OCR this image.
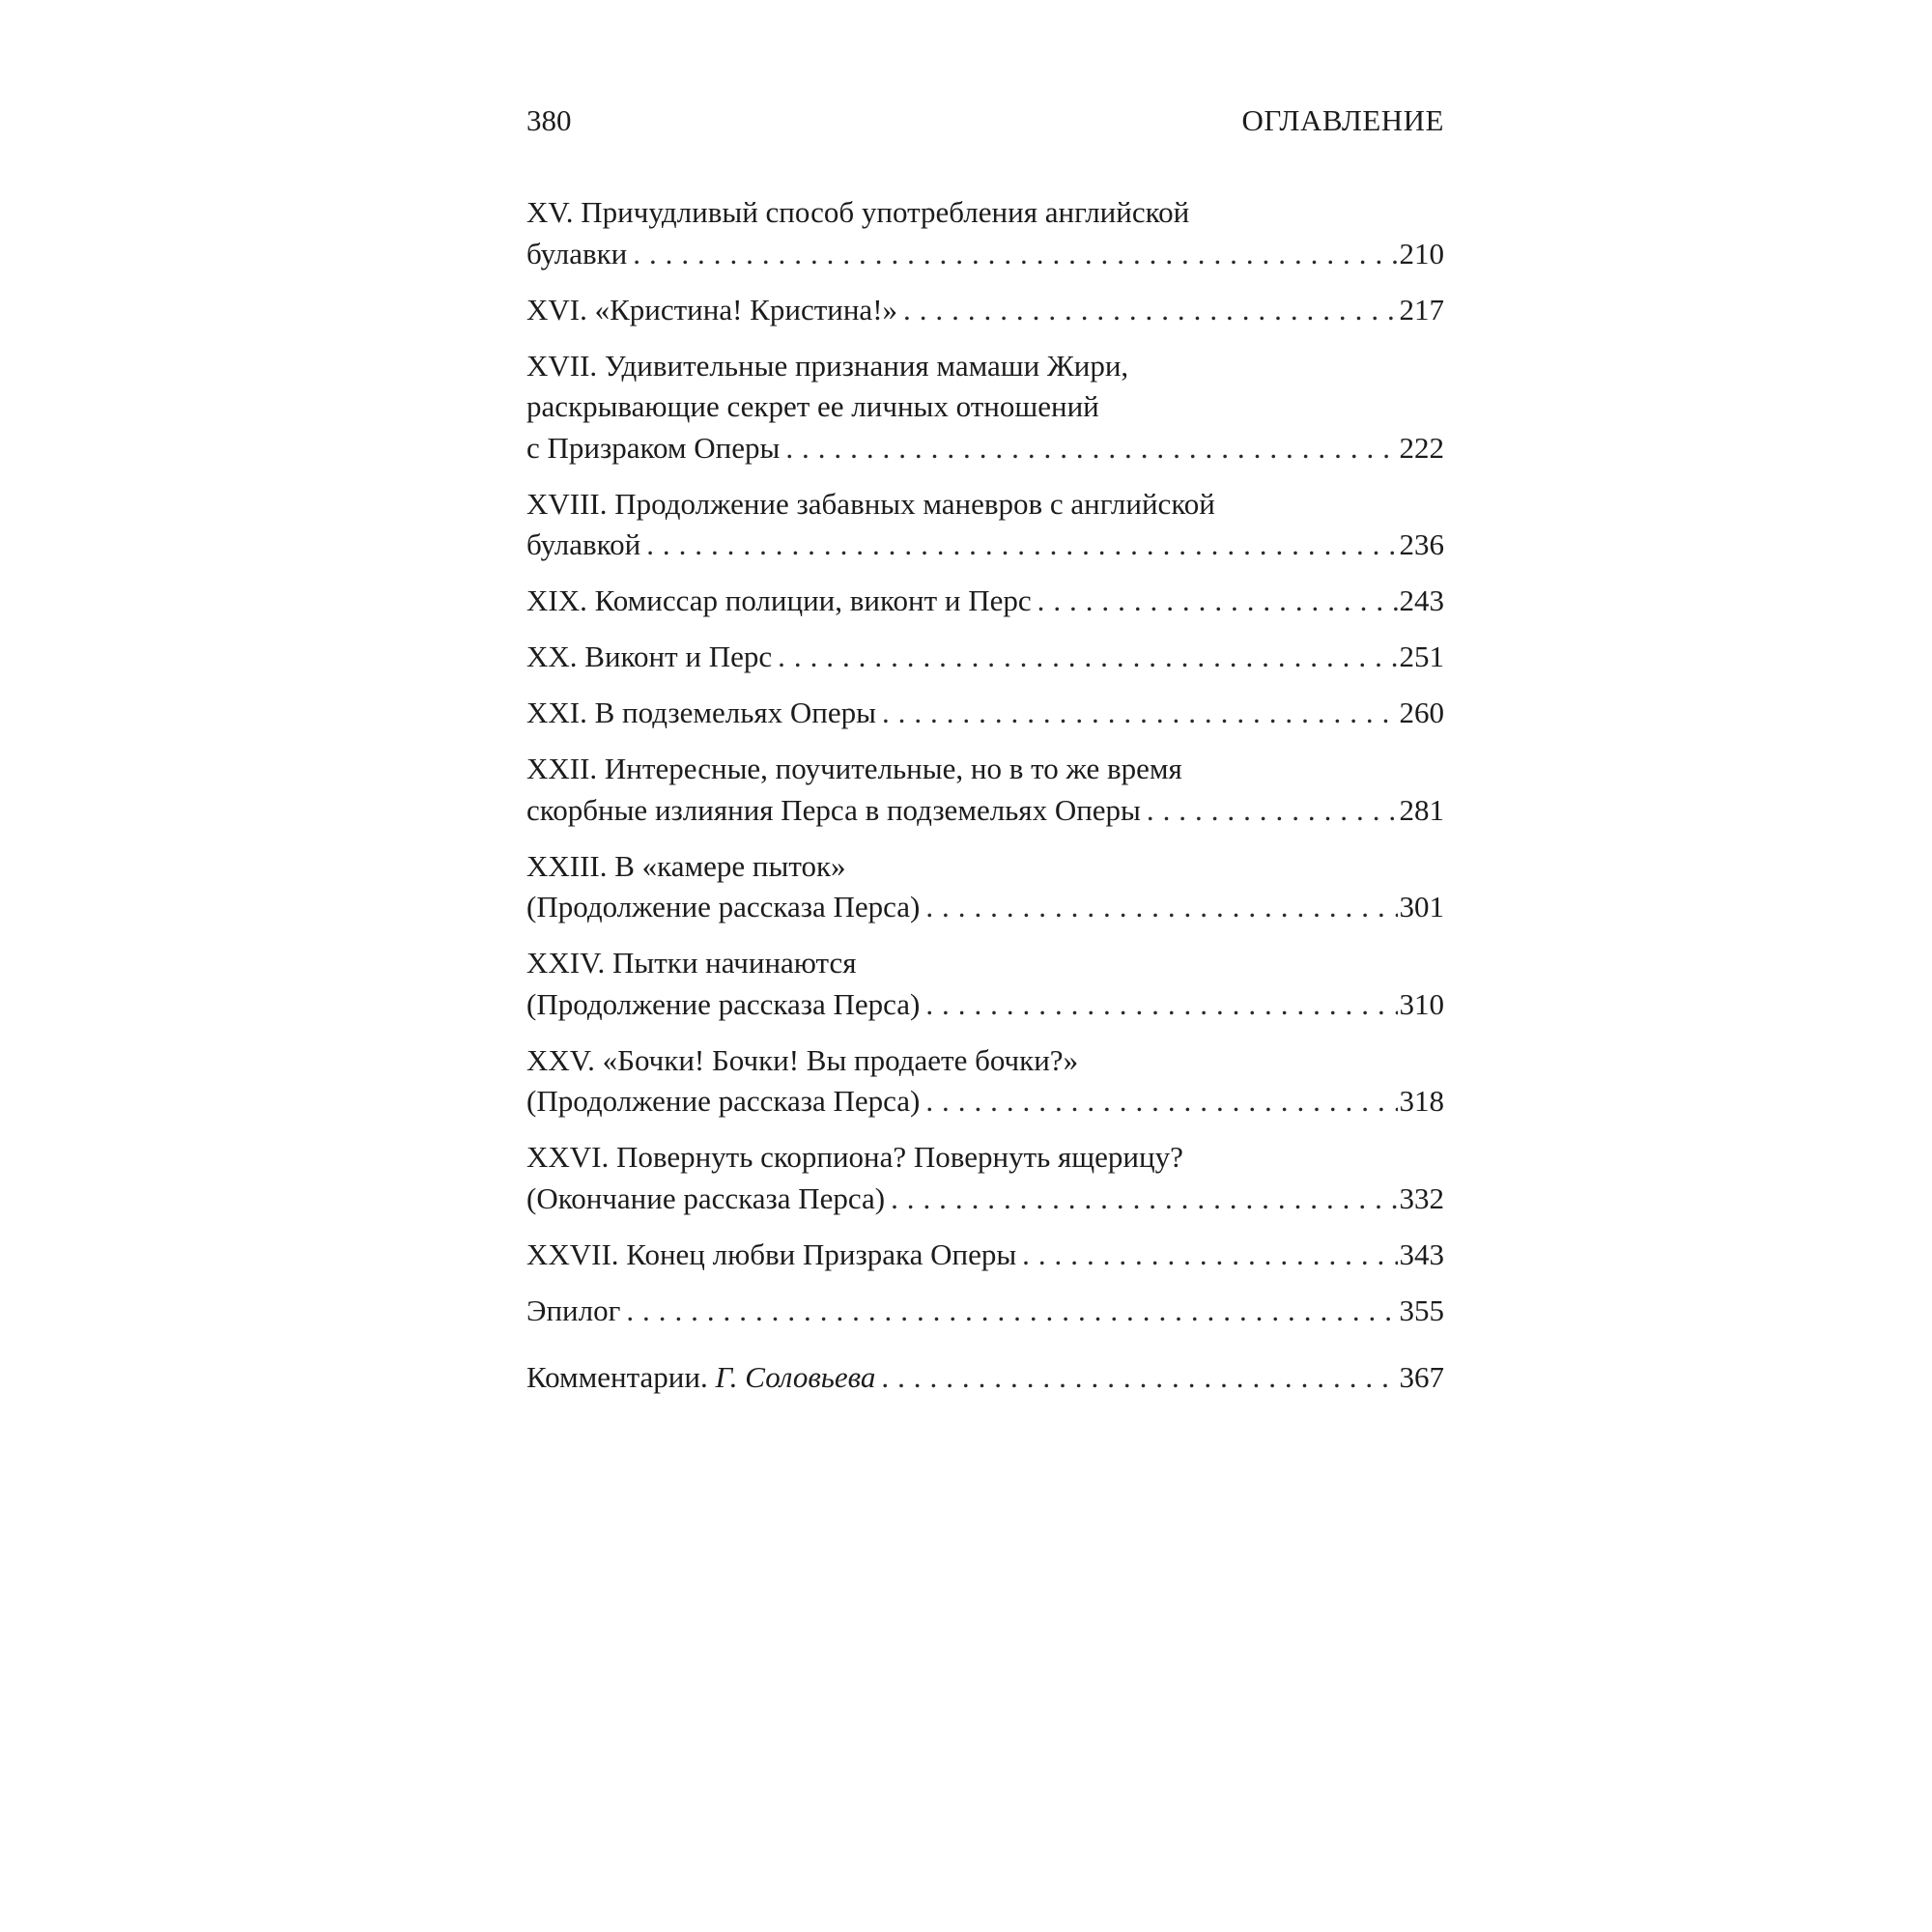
380	ОГЛАВЛЕНИЕ
XV. Причудливый способ употребления английской
булавки . . .	210
XVI. «Кристина! Кристина!» . . .	217
XVII. Удивительные признания мамаши Жири,
раскрывающие секрет ее личных отношений
с Призраком Оперы . . .	222
XVIII. Продолжение забавных маневров с английской
булавкой . . .	236
XIX. Комиссар полиции, виконт и Перс . . .	243
XX. Виконт и Перс . . .	251
XXI. В подземельях Оперы . . .	260
XXII. Интересные, поучительные, но в то же время
скорбные излияния Перса в подземельях Оперы . . .	281
XXIII. В «камере пыток»
(Продолжение рассказа Перса) . . .	301
XXIV. Пытки начинаются
(Продолжение рассказа Перса) . . .	310
XXV. «Бочки! Бочки! Вы продаете бочки?»
(Продолжение рассказа Перса) . . .	318
XXVI. Повернуть скорпиона? Повернуть ящерицу?
(Окончание рассказа Перса) . . .	332
XXVII. Конец любви Призрака Оперы . . .	343
Эпилог . . .	355
Комментарии. Г. Соловьева . . .	367
